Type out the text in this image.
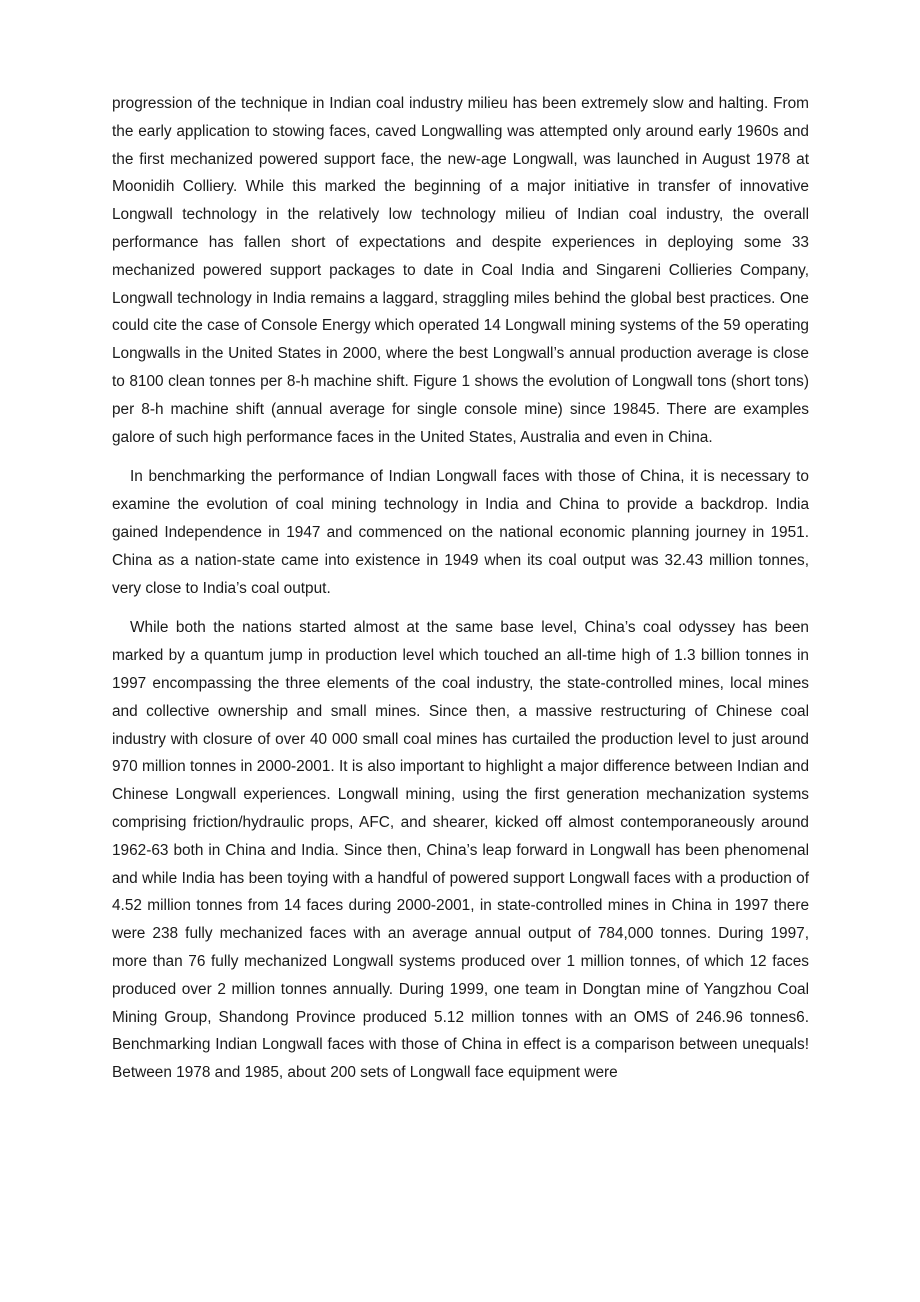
progression of the technique in Indian coal industry milieu has been extremely slow and halting. From the early application to stowing faces, caved Longwalling was attempted only around early 1960s and the first mechanized powered support face, the new-age Longwall, was launched in August 1978 at Moonidih Colliery. While this marked the beginning of a major initiative in transfer of innovative Longwall technology in the relatively low technology milieu of Indian coal industry, the overall performance has fallen short of expectations and despite experiences in deploying some 33 mechanized powered support packages to date in Coal India and Singareni Collieries Company, Longwall technology in India remains a laggard, straggling miles behind the global best practices. One could cite the case of Console Energy which operated 14 Longwall mining systems of the 59 operating Longwalls in the United States in 2000, where the best Longwall’s annual production average is close to 8100 clean tonnes per 8-h machine shift. Figure 1 shows the evolution of Longwall tons (short tons) per 8-h machine shift (annual average for single console mine) since 19845. There are examples galore of such high performance faces in the United States, Australia and even in China.

In benchmarking the performance of Indian Longwall faces with those of China, it is necessary to examine the evolution of coal mining technology in India and China to provide a backdrop. India gained Independence in 1947 and commenced on the national economic planning journey in 1951. China as a nation-state came into existence in 1949 when its coal output was 32.43 million tonnes, very close to India’s coal output.

While both the nations started almost at the same base level, China’s coal odyssey has been marked by a quantum jump in production level which touched an all-time high of 1.3 billion tonnes in 1997 encompassing the three elements of the coal industry, the state-controlled mines, local mines and collective ownership and small mines. Since then, a massive restructuring of Chinese coal industry with closure of over 40 000 small coal mines has curtailed the production level to just around 970 million tonnes in 2000-2001. It is also important to highlight a major difference between Indian and Chinese Longwall experiences. Longwall mining, using the first generation mechanization systems comprising friction/hydraulic props, AFC, and shearer, kicked off almost contemporaneously around 1962-63 both in China and India. Since then, China’s leap forward in Longwall has been phenomenal and while India has been toying with a handful of powered support Longwall faces with a production of 4.52 million tonnes from 14 faces during 2000-2001, in state-controlled mines in China in 1997 there were 238 fully mechanized faces with an average annual output of 784,000 tonnes. During 1997, more than 76 fully mechanized Longwall systems produced over 1 million tonnes, of which 12 faces produced over 2 million tonnes annually. During 1999, one team in Dongtan mine of Yangzhou Coal Mining Group, Shandong Province produced 5.12 million tonnes with an OMS of 246.96 tonnes6. Benchmarking Indian Longwall faces with those of China in effect is a comparison between unequals! Between 1978 and 1985, about 200 sets of Longwall face equipment were
